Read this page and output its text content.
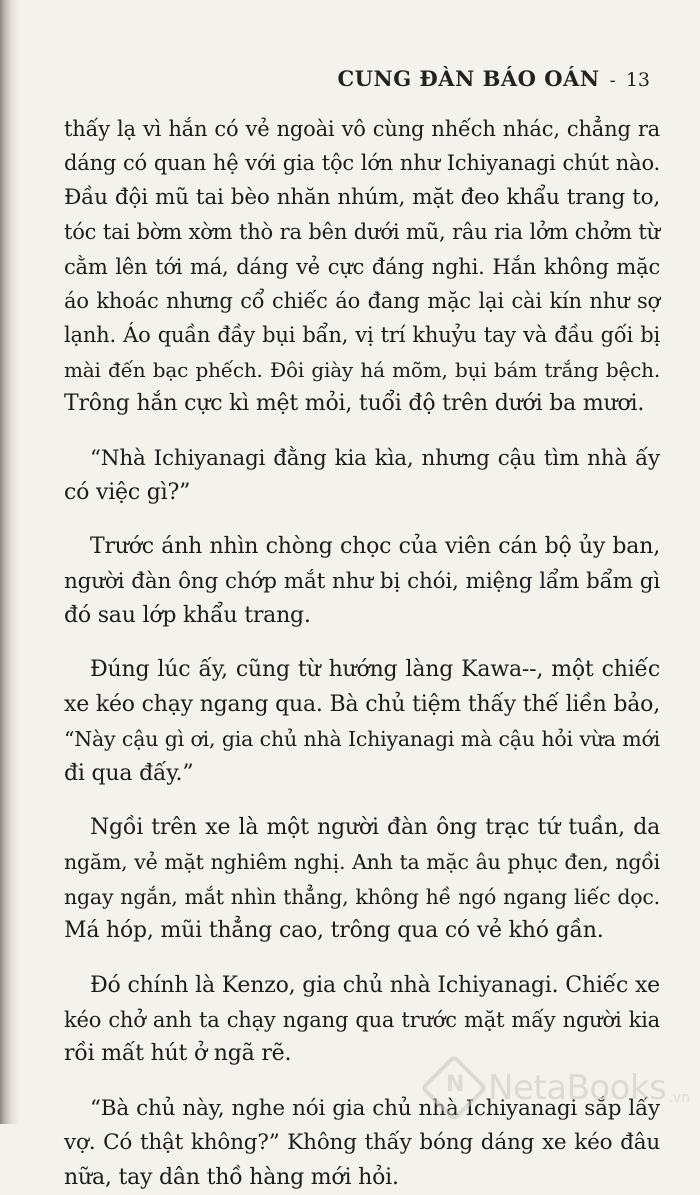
CUNG ĐÀN BÁO OÁN - 13
thấy lạ vì hắn có vẻ ngoài vô cùng nhếch nhác, chẳng ra
dáng có quan hệ với gia tộc lớn như Ichiyanagi chút nào.
Đầu đội mũ tai bèo nhăn nhúm, mặt đeo khẩu trang to,
tóc tai bờm xờm thò ra bên dưới mũ, râu ria lởm chởm từ
cằm lên tới má, dáng vẻ cực đáng nghi. Hắn không mặc
áo khoác nhưng cổ chiếc áo đang mặc lại cài kín như sợ
lạnh. Áo quần đầy bụi bẩn, vị trí khuỷu tay và đầu gối bị
mài đến bạc phếch. Đôi giày há mõm, bụi bám trắng bệch.
Trông hắn cực kì mệt mỏi, tuổi độ trên dưới ba mươi.
“Nhà Ichiyanagi đằng kia kìa, nhưng cậu tìm nhà ấy
có việc gì?”
Trước ánh nhìn chòng chọc của viên cán bộ ủy ban,
người đàn ông chớp mắt như bị chói, miệng lẩm bẩm gì
đó sau lớp khẩu trang.
Đúng lúc ấy, cũng từ hướng làng Kawa--, một chiếc
xe kéo chạy ngang qua. Bà chủ tiệm thấy thế liền bảo,
“Này cậu gì ơi, gia chủ nhà Ichiyanagi mà cậu hỏi vừa mới
đi qua đấy.”
Ngồi trên xe là một người đàn ông trạc tứ tuần, da
ngăm, vẻ mặt nghiêm nghị. Anh ta mặc âu phục đen, ngồi
ngay ngắn, mắt nhìn thẳng, không hề ngó ngang liếc dọc.
Má hóp, mũi thẳng cao, trông qua có vẻ khó gần.
Đó chính là Kenzo, gia chủ nhà Ichiyanagi. Chiếc xe
kéo chở anh ta chạy ngang qua trước mặt mấy người kia
rồi mất hút ở ngã rẽ.
“Bà chủ này, nghe nói gia chủ nhà Ichiyanagi sắp lấy
vợ. Có thật không?” Không thấy bóng dáng xe kéo đâu
nữa, tay dân thồ hàng mới hỏi.
N NetaBooks .vn
